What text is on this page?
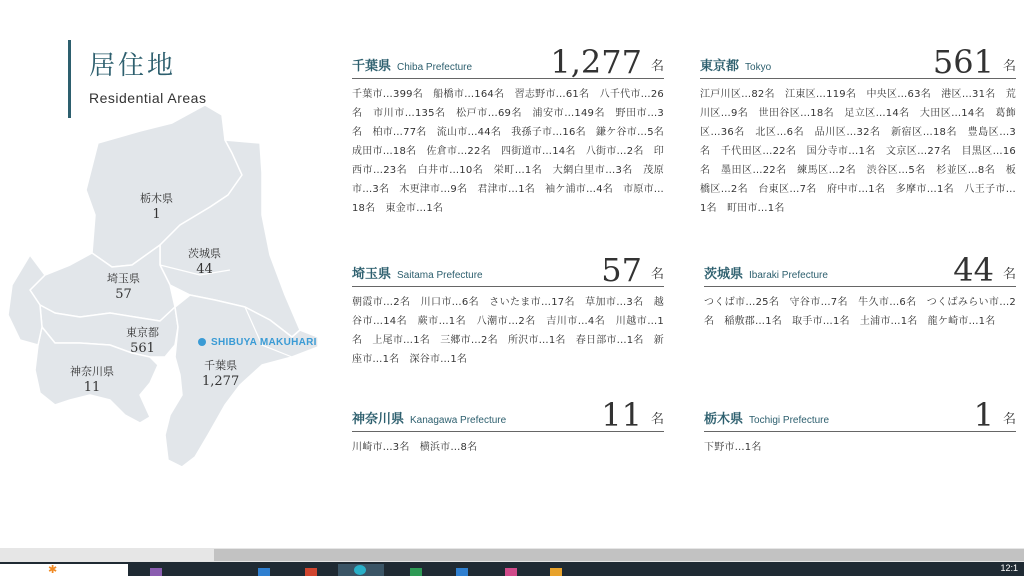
居住地
Residential Areas
栃木県
1
茨城県
44
埼玉県
57
東京都
561
神奈川県
11
千葉県
1,277
SHIBUYA MAKUHARI
千葉県 Chiba Prefecture 1,277 名
千葉市…399名　船橋市…164名　習志野市…61名　八千代市…26名　市川市…135名　松戸市…69名　浦安市…149名　野田市…3名　柏市…77名　流山市…44名　我孫子市…16名　鎌ケ谷市…5名　成田市…18名　佐倉市…22名　四街道市…14名　八街市…2名　印西市…23名　白井市…10名　栄町…1名　大網白里市…3名　茂原市…3名　木更津市…9名　君津市…1名　袖ケ浦市…4名　市原市…18名　東金市…1名
東京都 Tokyo	561 名
江戸川区…82名　江東区…119名　中央区…63名　港区…31名　荒川区…9名　世田谷区…18名　足立区…14名　大田区…14名　葛飾区…36名　北区…6名　品川区…32名　新宿区…18名　豊島区…3名　千代田区…22名　国分寺市…1名　文京区…27名　目黒区…16名　墨田区…22名　練馬区…2名　渋谷区…5名　杉並区…8名　板橋区…2名　台東区…7名　府中市…1名　多摩市…1名　八王子市…1名　町田市…1名
埼玉県 Saitama Prefecture	57 名
朝霞市…2名　川口市…6名　さいたま市…17名　草加市…3名　越谷市…14名　蕨市…1名　八潮市…2名　吉川市…4名　川越市…1名　上尾市…1名　三郷市…2名　所沢市…1名　春日部市…1名　新座市…1名　深谷市…1名
茨城県 Ibaraki Prefecture	44 名
つくば市…25名　守谷市…7名　牛久市…6名　つくばみらい市…2名　稲敷郡…1名　取手市…1名　土浦市…1名　龍ケ崎市…1名
神奈川県 Kanagawa Prefecture	11 名
川崎市…3名　横浜市…8名
栃木県 Tochigi Prefecture	1 名
下野市…1名
✱	12:1
